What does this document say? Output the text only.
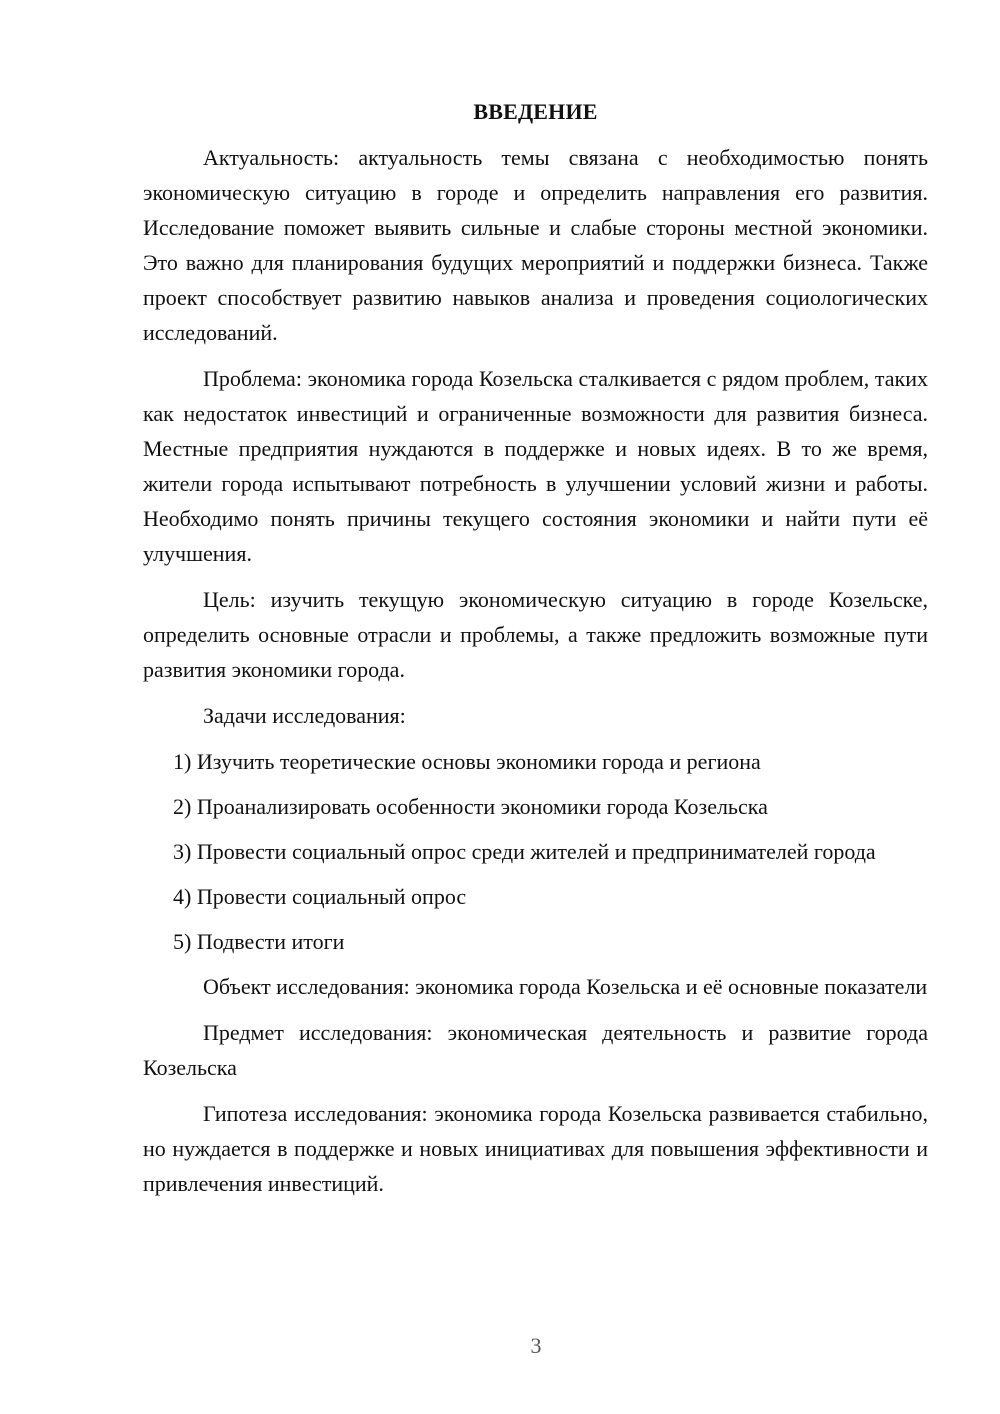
ВВЕДЕНИЕ

Актуальность: актуальность темы связана с необходимостью понять экономическую ситуацию в городе и определить направления его развития. Исследование поможет выявить сильные и слабые стороны местной экономики. Это важно для планирования будущих мероприятий и поддержки бизнеса. Также проект способствует развитию навыков анализа и проведения социологических исследований.

Проблема: экономика города Козельска сталкивается с рядом проблем, таких как недостаток инвестиций и ограниченные возможности для развития бизнеса. Местные предприятия нуждаются в поддержке и новых идеях. В то же время, жители города испытывают потребность в улучшении условий жизни и работы. Необходимо понять причины текущего состояния экономики и найти пути её улучшения.

Цель: изучить текущую экономическую ситуацию в городе Козельске, определить основные отрасли и проблемы, а также предложить возможные пути развития экономики города.

Задачи исследования:

1) Изучить теоретические основы экономики города и региона

2) Проанализировать особенности экономики города Козельска

3) Провести социальный опрос среди жителей и предпринимателей города

4) Провести социальный опрос

5) Подвести итоги

Объект исследования: экономика города Козельска и её основные показатели

Предмет исследования: экономическая деятельность и развитие города Козельска

Гипотеза исследования: экономика города Козельска развивается стабильно, но нуждается в поддержке и новых инициативах для повышения эффективности и привлечения инвестиций.

3
